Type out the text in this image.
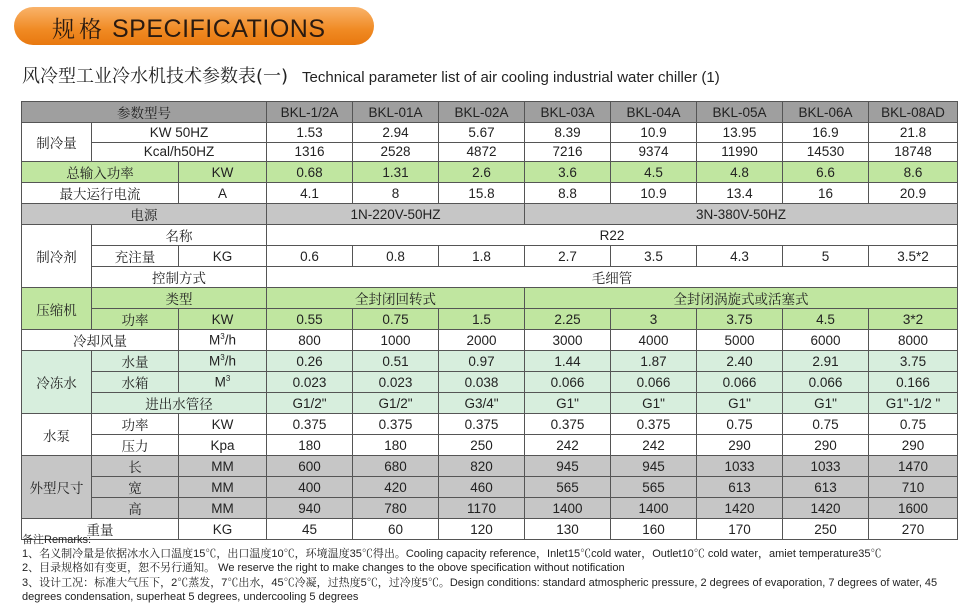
规格 SPECIFICATIONS
风冷型工业冷水机技术参数表(一) Technical parameter list of air cooling industrial water chiller (1)
参数型号			BKL-1/2A	BKL-01A	BKL-02A	BKL-03A	BKL-04A	BKL-05A	BKL-06A	BKL-08AD
制冷量	KW 50HZ		1.53	2.94	5.67	8.39	10.9	13.95	16.9	21.8
	Kcal/h50HZ		1316	2528	4872	7216	9374	11990	14530	18748
总输入功率		KW	0.68	1.31	2.6	3.6	4.5	4.8	6.6	8.6
最大运行电流		A	4.1	8	15.8	8.8	10.9	13.4	16	20.9
电源			1N-220V-50HZ			3N-380V-50HZ				
制冷剂	名称		R22							
	充注量	KG	0.6	0.8	1.8	2.7	3.5	4.3	5	3.5*2
	控制方式		毛细管							
压缩机	类型		全封闭回转式			全封闭涡旋式或活塞式				
	功率	KW	0.55	0.75	1.5	2.25	3	3.75	4.5	3*2
冷却风量		$M^3/h$	800	1000	2000	3000	4000	5000	6000	8000
冷冻水	水量	$M^3/h$	0.26	0.51	0.97	1.44	1.87	2.40	2.91	3.75
	水箱	$M^3$	0.023	0.023	0.038	0.066	0.066	0.066	0.066	0.166
	进出水管径		G1/2"	G1/2"	G3/4"	G1"	G1"	G1"	G1"	G1"-1/2 "
水泵	功率	KW	0.375	0.375	0.375	0.375	0.375	0.75	0.75	0.75
	压力	Kpa	180	180	250	242	242	290	290	290
外型尺寸	长	MM	600	680	820	945	945	1033	1033	1470
	宽	MM	400	420	460	565	565	613	613	710
	高	MM	940	780	1170	1400	1400	1420	1420	1600
重量		KG	45	60	120	130	160	170	250	270
备注Remarks:
1、名义制冷量是依据冰水入口温度15℃，出口温度10℃，环境温度35℃得出。Cooling capacity reference，Inlet15℃cold water，Outlet10℃ cold water，amiet temperature35℃
2、目录规格如有变更，恕不另行通知。 We reserve the right to make changes to the obove specification without notification
3、设计工况：标准大气压下，2℃蒸发，7℃出水，45℃冷凝，过热度5℃，过冷度5℃。Design conditions: standard atmospheric pressure, 2 degrees of evaporation, 7 degrees of water, 45 degrees condensation, superheat 5 degrees, undercooling 5 degrees
